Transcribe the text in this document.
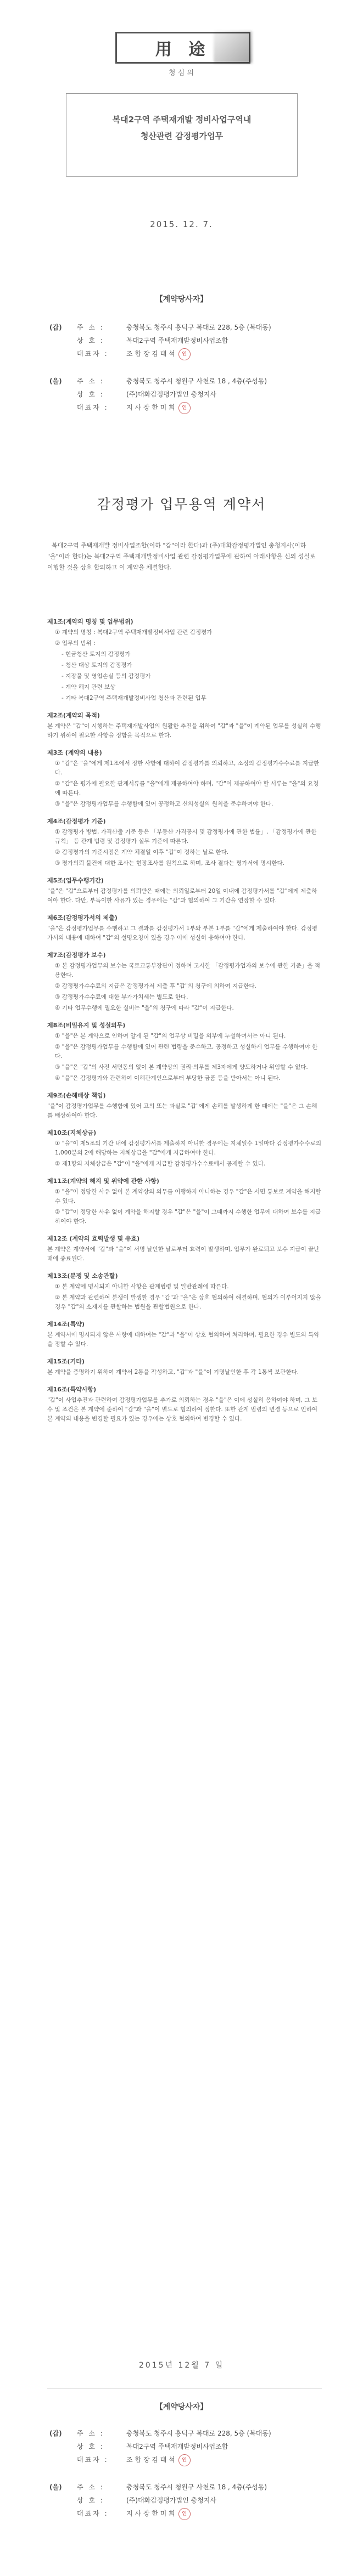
用 途
청 심 의
복대2구역 주택재개발 정비사업구역내
청산관련 감정평가업무
2015. 12. 7.
【계약당사자】
(갑)	주 소 :	충청북도 청주시 흥덕구 복대로 228, 5층 (복대동)
상 호 :	복대2구역 주택재개발정비사업조합
대표자 :	조 합 장 김 태 석 인
(을)	주 소 :	충청북도 청주시 청원구 사천로 18 , 4층(주성동)
상 호 :	(주)대화감정평가법인 충청지사
대표자 :	지 사 장 한 미 희 인
감정평가 업무용역 계약서
복대2구역 주택재개발 정비사업조합(이하 "갑"이라 한다)과 (주)대화감정평가법인 충청지사(이하 "을"이라 한다)는 복대2구역 주택재개발정비사업 관련 감정평가업무에 관하여 아래사항을 신의 성실로 이행할 것을 상호 합의하고 이 계약을 체결한다.
제1조(계약의 명칭 및 업무범위)

① 계약의 명칭 : 복대2구역 주택재개발정비사업 관련 감정평가

② 업무의 범위 :

- 현금청산 토지의 감정평가

- 청산 대상 토지의 감정평가

- 지장물 및 영업손실 등의 감정평가

- 계약 해지 관련 보상

- 기타 복대2구역 주택재개발정비사업 청산과 관련된 업무

제2조(계약의 목적)

본 계약은 "갑"이 시행하는 주택재개발사업의 원활한 추진을 위하여 "갑"과 "을"이 계약된 업무를 성실히 수행하기 위하여 필요한 사항을 정함을 목적으로 한다.

제3조 (계약의 내용)

① "갑"은 "을"에게 제1조에서 정한 사항에 대하여 감정평가를 의뢰하고, 소정의 감정평가수수료를 지급한다.

② "갑"은 평가에 필요한 관계서류를 "을"에게 제공하여야 하며, "갑"이 제공하여야 할 서류는 "을"의 요청에 따른다.

③ "을"은 감정평가업무를 수행함에 있어 공정하고 신의성실의 원칙을 준수하여야 한다.

제4조(감정평가 기준)

① 감정평가 방법, 가격산출 기준 등은 「부동산 가격공시 및 감정평가에 관한 법률」, 「감정평가에 관한 규칙」 등 관계 법령 및 감정평가 실무 기준에 따른다.

② 감정평가의 기준시점은 계약 체결일 이후 "갑"이 정하는 날로 한다.

③ 평가의뢰 물건에 대한 조사는 현장조사를 원칙으로 하며, 조사 결과는 평가서에 명시한다.

제5조(업무수행기간)

"을"은 "갑"으로부터 감정평가를 의뢰받은 때에는 의뢰일로부터 20일 이내에 감정평가서를 "갑"에게 제출하여야 한다. 다만, 부득이한 사유가 있는 경우에는 "갑"과 협의하여 그 기간을 연장할 수 있다.

제6조(감정평가서의 제출)

"을"은 감정평가업무를 수행하고 그 결과를 감정평가서 1부와 부본 1부를 "갑"에게 제출하여야 한다. 감정평가서의 내용에 대하여 "갑"의 설명요청이 있을 경우 이에 성실히 응하여야 한다.

제7조(감정평가 보수)

① 본 감정평가업무의 보수는 국토교통부장관이 정하여 고시한 「감정평가업자의 보수에 관한 기준」을 적용한다.

② 감정평가수수료의 지급은 감정평가서 제출 후 "갑"의 청구에 의하여 지급한다.

③ 감정평가수수료에 대한 부가가치세는 별도로 한다.

④ 기타 업무수행에 필요한 실비는 "을"의 청구에 따라 "갑"이 지급한다.

제8조(비밀유지 및 성실의무)

① "을"은 본 계약으로 인하여 알게 된 "갑"의 업무상 비밀을 외부에 누설하여서는 아니 된다.

② "을"은 감정평가업무를 수행함에 있어 관련 법령을 준수하고, 공정하고 성실하게 업무를 수행하여야 한다.

③ "을"은 "갑"의 사전 서면동의 없이 본 계약상의 권리·의무를 제3자에게 양도하거나 위임할 수 없다.

④ "을"은 감정평가와 관련하여 이해관계인으로부터 부당한 금품 등을 받아서는 아니 된다.

제9조(손해배상 책임)

"을"이 감정평가업무를 수행함에 있어 고의 또는 과실로 "갑"에게 손해를 발생하게 한 때에는 "을"은 그 손해를 배상하여야 한다.

제10조(지체상금)

① "을"이 제5조의 기간 내에 감정평가서를 제출하지 아니한 경우에는 지체일수 1일마다 감정평가수수료의 1,000분의 2에 해당하는 지체상금을 "갑"에게 지급하여야 한다.

② 제1항의 지체상금은 "갑"이 "을"에게 지급할 감정평가수수료에서 공제할 수 있다.

제11조(계약의 해지 및 위약에 관한 사항)

① "을"이 정당한 사유 없이 본 계약상의 의무를 이행하지 아니하는 경우 "갑"은 서면 통보로 계약을 해지할 수 있다.

② "갑"이 정당한 사유 없이 계약을 해지할 경우 "갑"은 "을"이 그때까지 수행한 업무에 대하여 보수를 지급하여야 한다.

제12조 (계약의 효력발생 및 유효)

본 계약은 계약서에 "갑"과 "을"이 서명 날인한 날로부터 효력이 발생하며, 업무가 완료되고 보수 지급이 끝난 때에 종료된다.

제13조(분쟁 및 소송관할)

① 본 계약에 명시되지 아니한 사항은 관계법령 및 일반관례에 따른다.

② 본 계약과 관련하여 분쟁이 발생할 경우 "갑"과 "을"은 상호 협의하여 해결하며, 협의가 이루어지지 않을 경우 "갑"의 소재지를 관할하는 법원을 관할법원으로 한다.

제14조(특약)

본 계약서에 명시되지 않은 사항에 대하여는 "갑"과 "을"이 상호 협의하여 처리하며, 필요한 경우 별도의 특약을 정할 수 있다.

제15조(기타)

본 계약을 증명하기 위하여 계약서 2통을 작성하고, "갑"과 "을"이 기명날인한 후 각 1통씩 보관한다.

제16조(특약사항)

"갑"이 사업추진과 관련하여 감정평가업무를 추가로 의뢰하는 경우 "을"은 이에 성실히 응하여야 하며, 그 보수 및 조건은 본 계약에 준하여 "갑"과 "을"이 별도로 협의하여 정한다. 또한 관계 법령의 변경 등으로 인하여 본 계약의 내용을 변경할 필요가 있는 경우에는 상호 협의하여 변경할 수 있다.

2015년 12월 7 일
【계약당사자】
(갑)	주 소 :	충청북도 청주시 흥덕구 복대로 228, 5층 (복대동)
상 호 :	복대2구역 주택재개발정비사업조합
대표자 :	조 합 장 김 태 석 인
(을)	주 소 :	충청북도 청주시 청원구 사천로 18 , 4층(주성동)
상 호 :	(주)대화감정평가법인 충청지사
대표자 :	지 사 장 한 미 희 인
